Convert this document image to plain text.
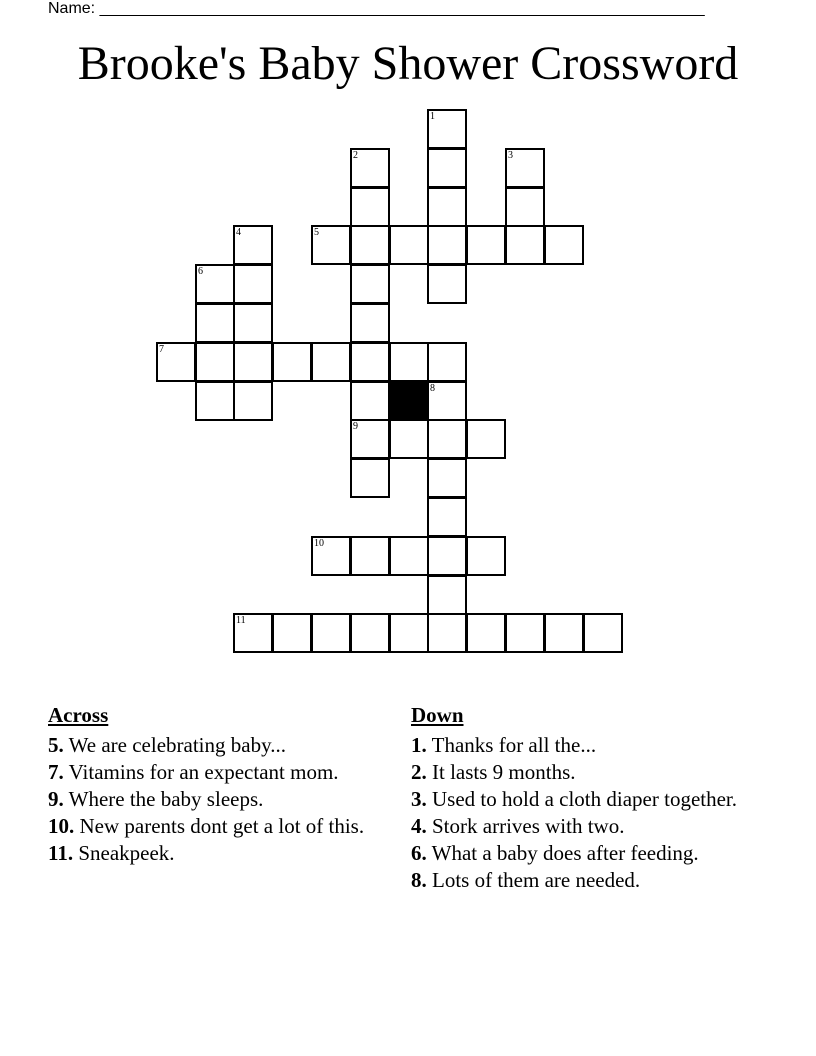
Name: ____________________________________________________________________
Brooke's Baby Shower Crossword
1
2	3
4	5
6
7
8
9
10
11
Across
5. We are celebrating baby...
7. Vitamins for an expectant mom.
9. Where the baby sleeps.
10. New parents dont get a lot of this.
11. Sneakpeek.
Down
1. Thanks for all the...
2. It lasts 9 months.
3. Used to hold a cloth diaper together.
4. Stork arrives with two.
6. What a baby does after feeding.
8. Lots of them are needed.
